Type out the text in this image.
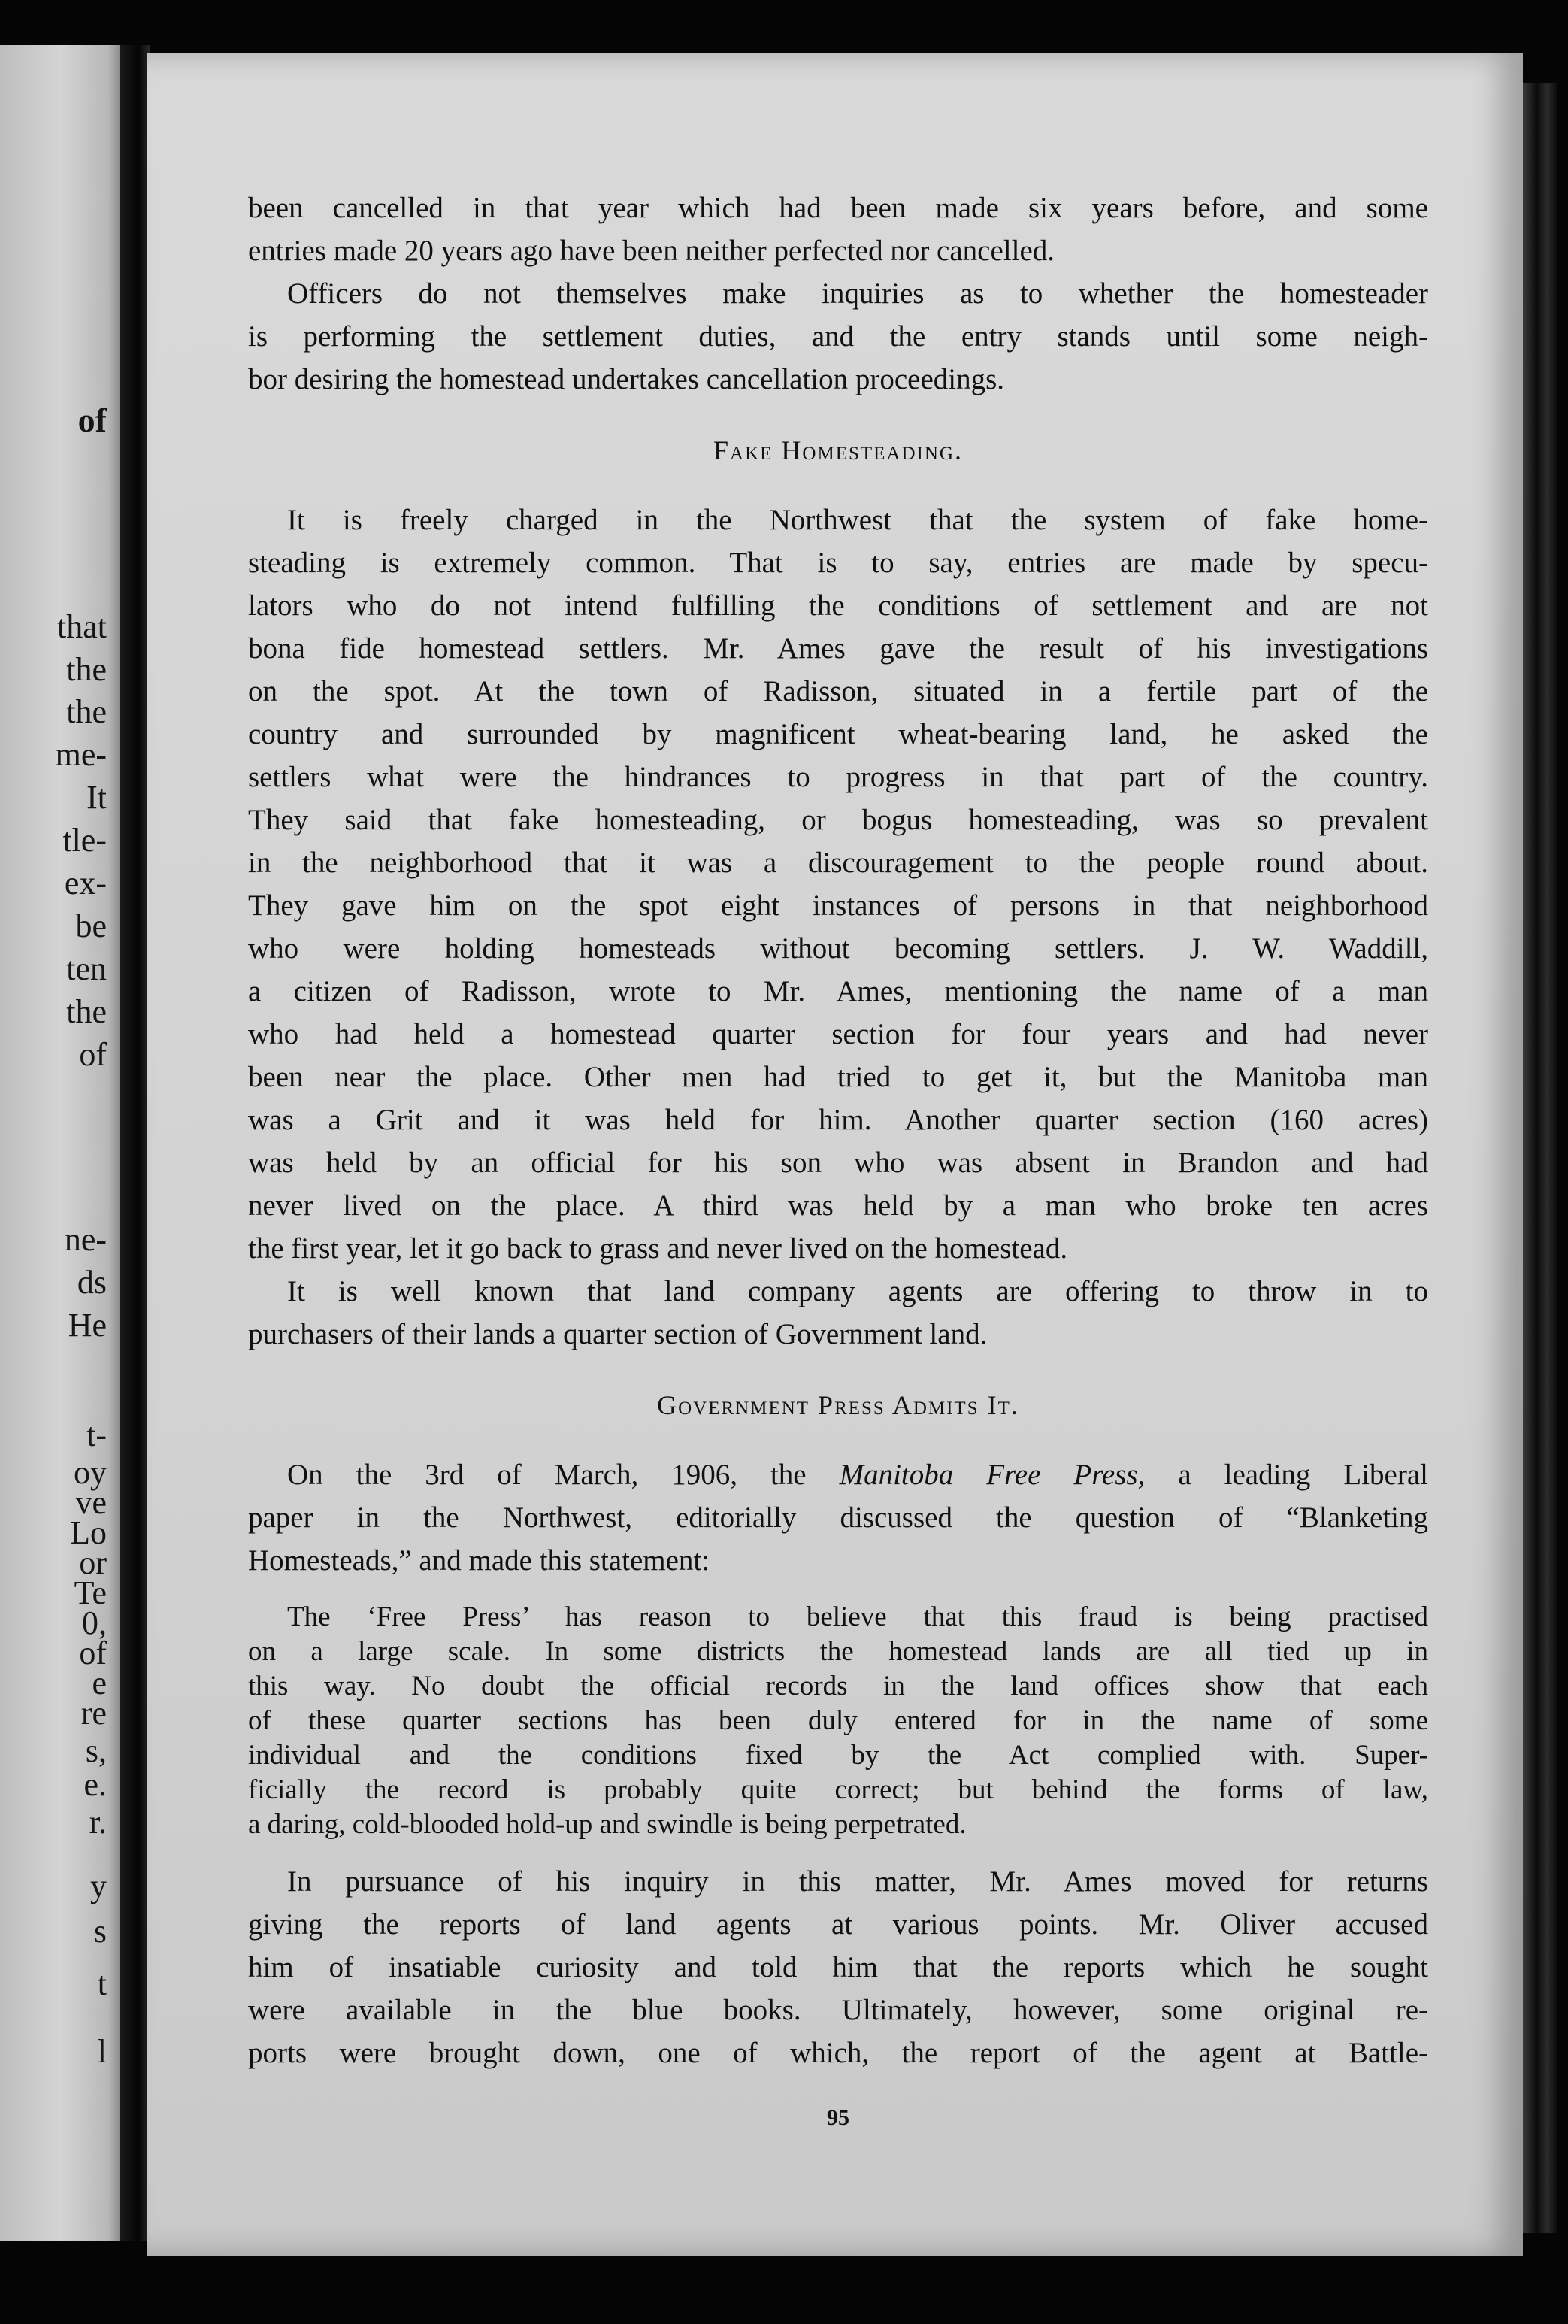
of
that
the
the
me-
It
tle-
ex-
be
ten
the
of
ne-
ds
He
t-
oy
ve
Lo
or
Te
0,
of
e
re
s,
e.
r.
y
s
t
l
been cancelled in that year which had been made six years before, and some
entries made 20 years ago have been neither perfected nor cancelled.
Officers do not themselves make inquiries as to whether the homesteader
is performing the settlement duties, and the entry stands until some neigh-
bor desiring the homestead undertakes cancellation proceedings.
Fake Homesteading.
It is freely charged in the Northwest that the system of fake home-
steading is extremely common. That is to say, entries are made by specu-
lators who do not intend fulfilling the conditions of settlement and are not
bona fide homestead settlers. Mr. Ames gave the result of his investigations
on the spot. At the town of Radisson, situated in a fertile part of the
country and surrounded by magnificent wheat-bearing land, he asked the
settlers what were the hindrances to progress in that part of the country.
They said that fake homesteading, or bogus homesteading, was so prevalent
in the neighborhood that it was a discouragement to the people round about.
They gave him on the spot eight instances of persons in that neighborhood
who were holding homesteads without becoming settlers. J. W. Waddill,
a citizen of Radisson, wrote to Mr. Ames, mentioning the name of a man
who had held a homestead quarter section for four years and had never
been near the place. Other men had tried to get it, but the Manitoba man
was a Grit and it was held for him. Another quarter section (160 acres)
was held by an official for his son who was absent in Brandon and had
never lived on the place. A third was held by a man who broke ten acres
the first year, let it go back to grass and never lived on the homestead.
It is well known that land company agents are offering to throw in to
purchasers of their lands a quarter section of Government land.
Government Press Admits It.
On the 3rd of March, 1906, the Manitoba Free Press, a leading Liberal
paper in the Northwest, editorially discussed the question of “Blanketing
Homesteads,” and made this statement:
The ‘Free Press’ has reason to believe that this fraud is being practised
on a large scale. In some districts the homestead lands are all tied up in
this way. No doubt the official records in the land offices show that each
of these quarter sections has been duly entered for in the name of some
individual and the conditions fixed by the Act complied with. Super-
ficially the record is probably quite correct; but behind the forms of law,
a daring, cold-blooded hold-up and swindle is being perpetrated.
In pursuance of his inquiry in this matter, Mr. Ames moved for returns
giving the reports of land agents at various points. Mr. Oliver accused
him of insatiable curiosity and told him that the reports which he sought
were available in the blue books. Ultimately, however, some original re-
ports were brought down, one of which, the report of the agent at Battle-
95
